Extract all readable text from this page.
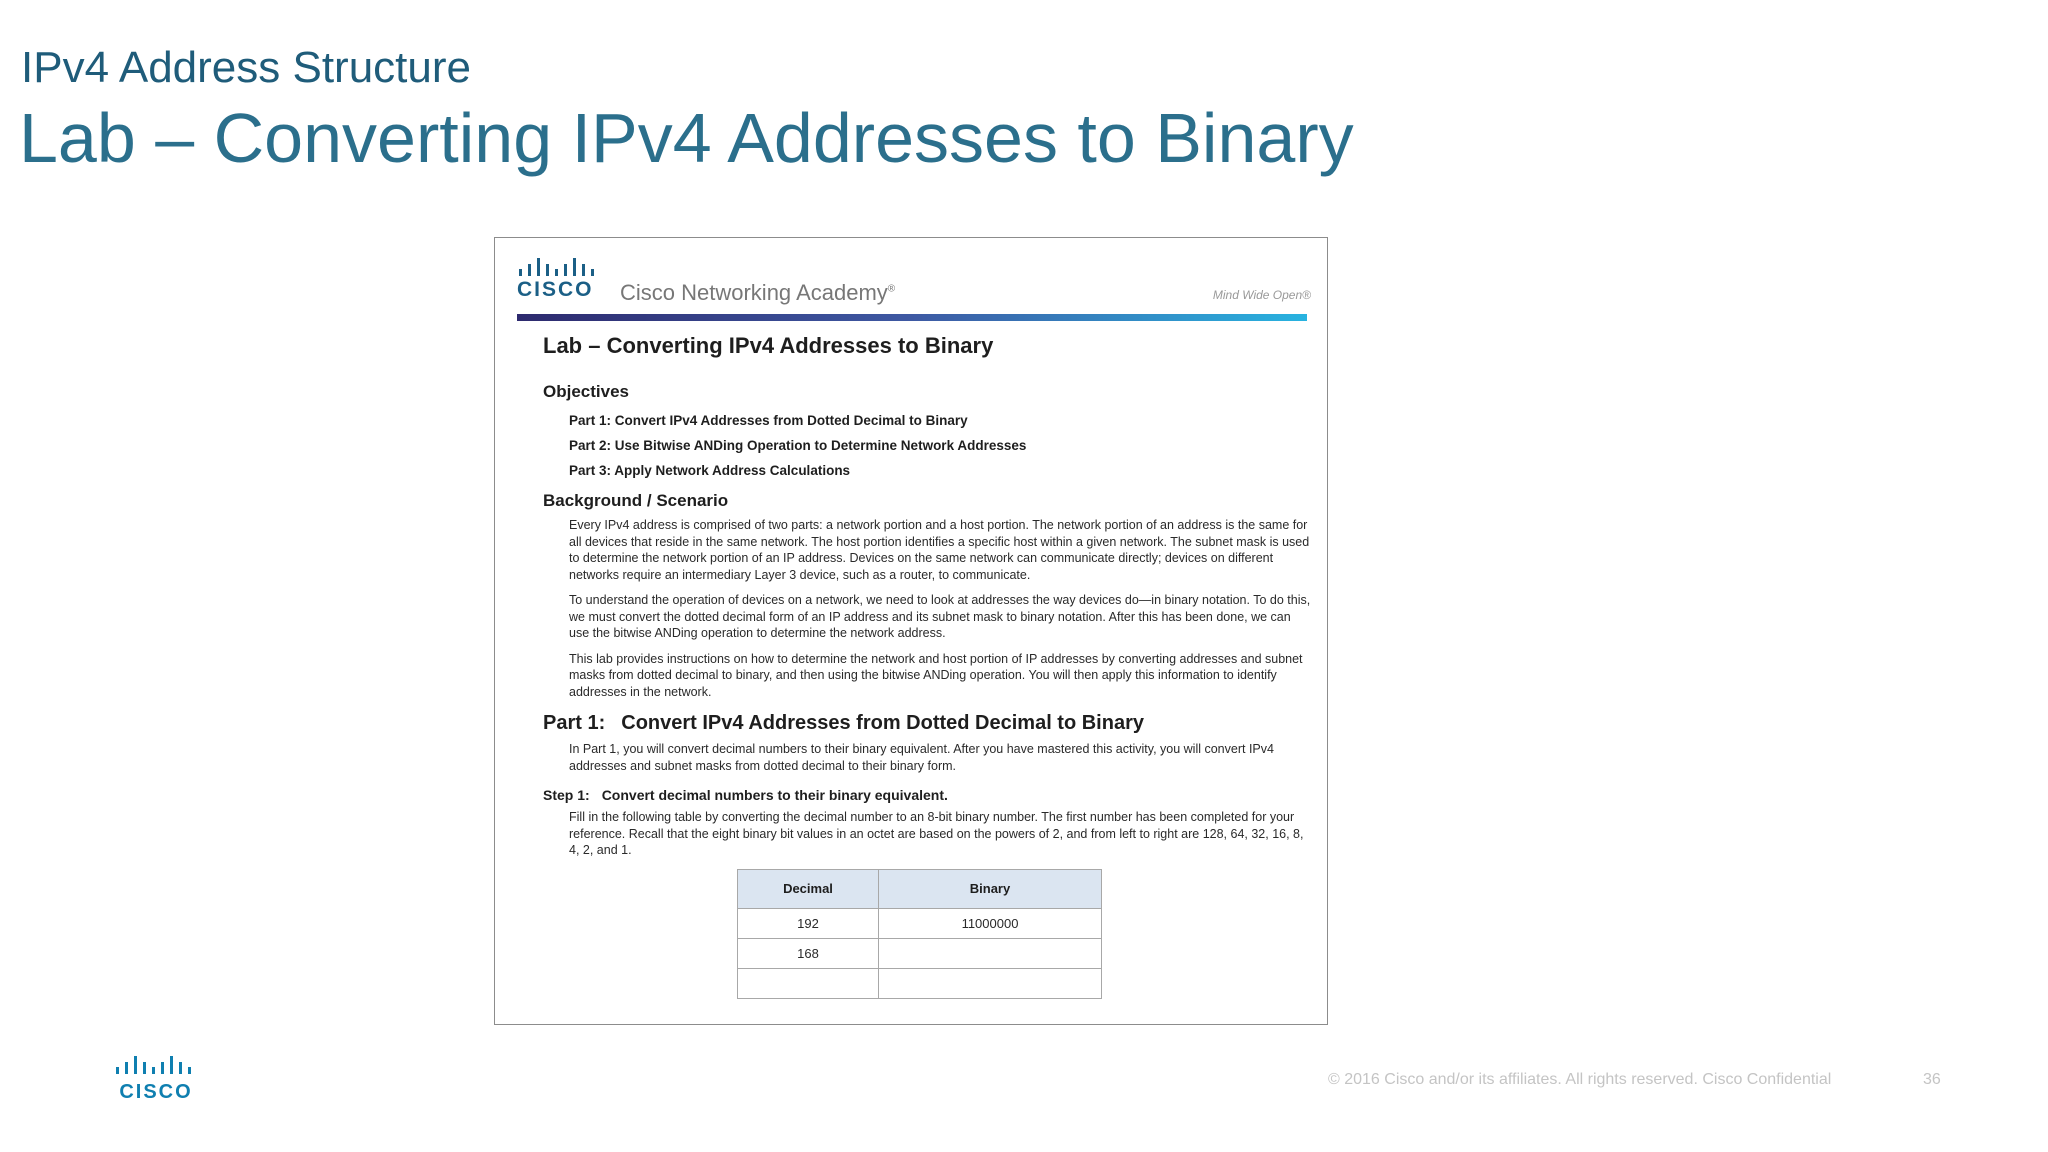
IPv4 Address Structure
Lab – Converting IPv4 Addresses to Binary
CISCO	Cisco Networking Academy®	Mind Wide Open®
Lab – Converting IPv4 Addresses to Binary
Objectives
Part 1: Convert IPv4 Addresses from Dotted Decimal to Binary
Part 2: Use Bitwise ANDing Operation to Determine Network Addresses
Part 3: Apply Network Address Calculations
Background / Scenario

Every IPv4 address is comprised of two parts: a network portion and a host portion. The network portion of an address is the same for all devices that reside in the same network. The host portion identifies a specific host within a given network. The subnet mask is used to determine the network portion of an IP address. Devices on the same network can communicate directly; devices on different networks require an intermediary Layer 3 device, such as a router, to communicate.

To understand the operation of devices on a network, we need to look at addresses the way devices do—in binary notation. To do this, we must convert the dotted decimal form of an IP address and its subnet mask to binary notation. After this has been done, we can use the bitwise ANDing operation to determine the network address.

This lab provides instructions on how to determine the network and host portion of IP addresses by converting addresses and subnet masks from dotted decimal to binary, and then using the bitwise ANDing operation. You will then apply this information to identify addresses in the network.

Part 1: Convert IPv4 Addresses from Dotted Decimal to Binary

In Part 1, you will convert decimal numbers to their binary equivalent. After you have mastered this activity, you will convert IPv4 addresses and subnet masks from dotted decimal to their binary form.

Step 1: Convert decimal numbers to their binary equivalent.

Fill in the following table by converting the decimal number to an 8-bit binary number. The first number has been completed for your reference. Recall that the eight binary bit values in an octet are based on the powers of 2, and from left to right are 128, 64, 32, 16, 8, 4, 2, and 1.

Decimal	Binary
192	11000000
168	

CISCO
© 2016 Cisco and/or its affiliates. All rights reserved. Cisco Confidential	36
